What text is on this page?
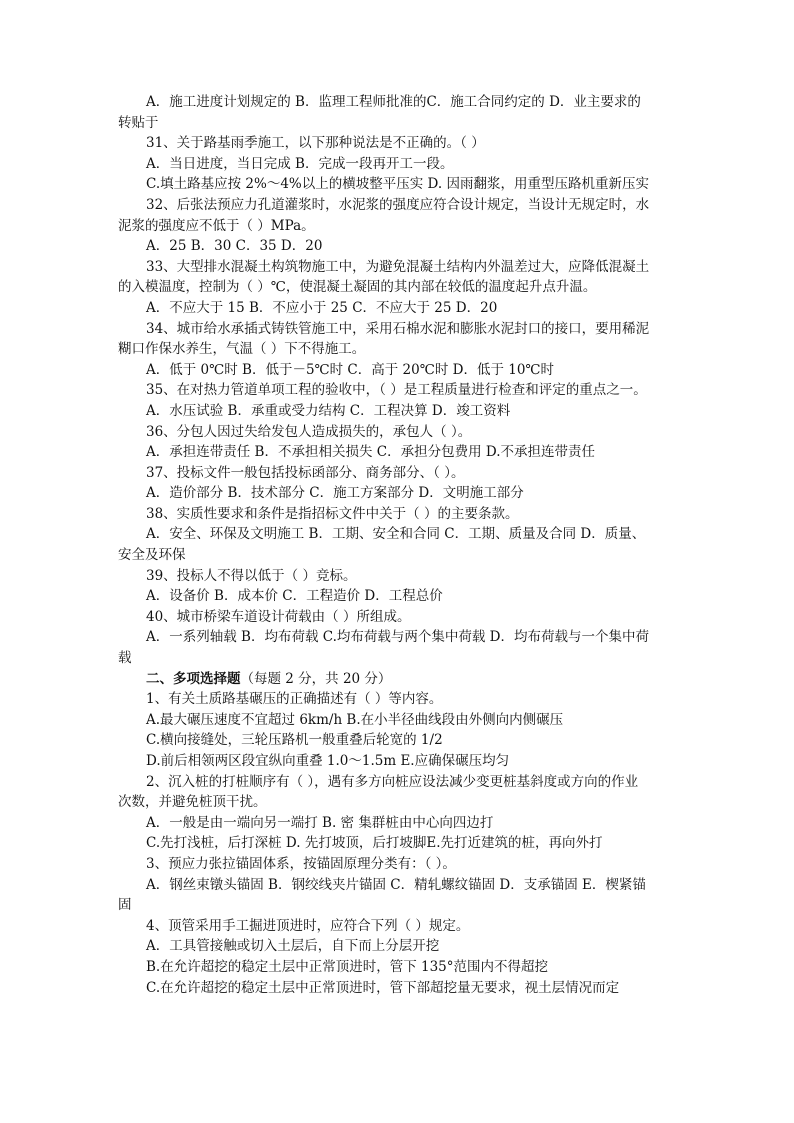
A．施工进度计划规定的 B．监理工程师批准的C．施工合同约定的 D．业主要求的
转贴于
31、关于路基雨季施工，以下那种说法是不正确的。（ ）
A．当日进度，当日完成 B．完成一段再开工一段。
C.填土路基应按 2%～4%以上的横坡整平压实 D. 因雨翻浆，用重型压路机重新压实
32、后张法预应力孔道灌浆时，水泥浆的强度应符合设计规定，当设计无规定时，水
泥浆的强度应不低于（ ）MPa。
A．25 B．30 C．35 D．20
33、大型排水混凝土构筑物施工中，为避免混凝土结构内外温差过大，应降低混凝土
的入模温度，控制为（ ）℃，使混凝土凝固的其内部在较低的温度起升点升温。
A．不应大于 15 B．不应小于 25 C．不应大于 25 D．20
34、城市给水承插式铸铁管施工中，采用石棉水泥和膨胀水泥封口的接口，要用稀泥
糊口作保水养生，气温（ ）下不得施工。
A．低于 0℃时 B．低于－5℃时 C．高于 20℃时 D．低于 10℃时
35、在对热力管道单项工程的验收中，（ ）是工程质量进行检查和评定的重点之一。
A．水压试验 B．承重或受力结构 C．工程决算 D．竣工资料
36、分包人因过失给发包人造成损失的，承包人（ ）。
A．承担连带责任 B．不承担相关损失 C．承担分包费用 D.不承担连带责任
37、投标文件一般包括投标函部分、商务部分、（ ）。
A．造价部分 B．技术部分 C．施工方案部分 D．文明施工部分
38、实质性要求和条件是指招标文件中关于（ ）的主要条款。
A．安全、环保及文明施工 B．工期、安全和合同 C．工期、质量及合同 D．质量、
安全及环保
39、投标人不得以低于（ ）竞标。
A．设备价 B．成本价 C．工程造价 D．工程总价
40、城市桥梁车道设计荷载由（ ）所组成。
A．一系列轴载 B．均布荷载 C.均布荷载与两个集中荷载 D．均布荷载与一个集中荷
载
二、多项选择题（每题 2 分，共 20 分）
1、有关土质路基碾压的正确描述有（ ）等内容。
A.最大碾压速度不宜超过 6km/h B.在小半径曲线段由外侧向内侧碾压
C.横向接缝处，三轮压路机一般重叠后轮宽的 1/2
D.前后相领两区段宜纵向重叠 1.0～1.5m E.应确保碾压均匀
2、沉入桩的打桩顺序有（ ），遇有多方向桩应设法减少变更桩基斜度或方向的作业
次数，并避免桩顶干扰。
A．一般是由一端向另一端打 B. 密 集群桩由中心向四边打
C.先打浅桩，后打深桩 D. 先打坡顶，后打坡脚E.先打近建筑的桩，再向外打
3、预应力张拉锚固体系，按锚固原理分类有：（ ）。
A．钢丝束镦头锚固 B．钢绞线夹片锚固 C．精轧螺纹锚固 D．支承锚固 E．楔紧锚
固
4、顶管采用手工掘进顶进时，应符合下列（ ）规定。
A．工具管接触或切入土层后，自下而上分层开挖
B.在允许超挖的稳定土层中正常顶进时，管下 135°范围内不得超挖
C.在允许超挖的稳定土层中正常顶进时，管下部超挖量无要求，视土层情况而定
